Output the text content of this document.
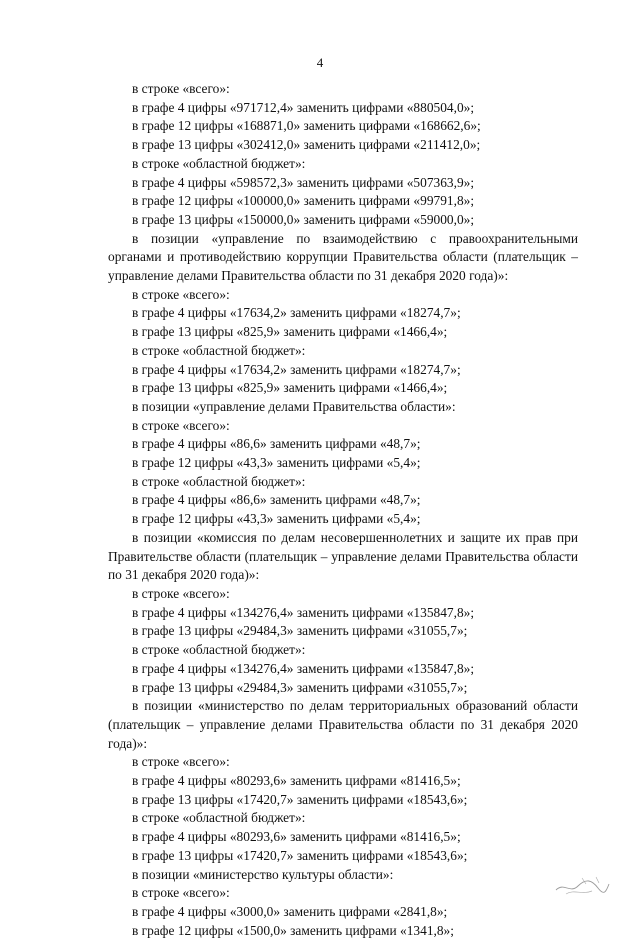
4
в строке «всего»:
в графе 4 цифры «971712,4» заменить цифрами «880504,0»;
в графе 12 цифры «168871,0» заменить цифрами «168662,6»;
в графе 13 цифры «302412,0» заменить цифрами «211412,0»;
в строке «областной бюджет»:
в графе 4 цифры «598572,3» заменить цифрами «507363,9»;
в графе 12 цифры «100000,0» заменить цифрами «99791,8»;
в графе 13 цифры «150000,0» заменить цифрами «59000,0»;
в позиции «управление по взаимодействию с правоохранительными органами и противодействию коррупции Правительства области (плательщик – управление делами Правительства области по 31 декабря 2020 года)»:
в строке «всего»:
в графе 4 цифры «17634,2» заменить цифрами «18274,7»;
в графе 13 цифры «825,9» заменить цифрами «1466,4»;
в строке «областной бюджет»:
в графе 4 цифры «17634,2» заменить цифрами «18274,7»;
в графе 13 цифры «825,9» заменить цифрами «1466,4»;
в позиции «управление делами Правительства области»:
в строке «всего»:
в графе 4 цифры «86,6» заменить цифрами «48,7»;
в графе 12 цифры «43,3» заменить цифрами «5,4»;
в строке «областной бюджет»:
в графе 4 цифры «86,6» заменить цифрами «48,7»;
в графе 12 цифры «43,3» заменить цифрами «5,4»;
в позиции «комиссия по делам несовершеннолетних и защите их прав при Правительстве области (плательщик – управление делами Правительства области по 31 декабря 2020 года)»:
в строке «всего»:
в графе 4 цифры «134276,4» заменить цифрами «135847,8»;
в графе 13 цифры «29484,3» заменить цифрами «31055,7»;
в строке «областной бюджет»:
в графе 4 цифры «134276,4» заменить цифрами «135847,8»;
в графе 13 цифры «29484,3» заменить цифрами «31055,7»;
в позиции «министерство по делам территориальных образований области (плательщик – управление делами Правительства области по 31 декабря 2020 года)»:
в строке «всего»:
в графе 4 цифры «80293,6» заменить цифрами «81416,5»;
в графе 13 цифры «17420,7» заменить цифрами «18543,6»;
в строке «областной бюджет»:
в графе 4 цифры «80293,6» заменить цифрами «81416,5»;
в графе 13 цифры «17420,7» заменить цифрами «18543,6»;
в позиции «министерство культуры области»:
в строке «всего»:
в графе 4 цифры «3000,0» заменить цифрами «2841,8»;
в графе 12 цифры «1500,0» заменить цифрами «1341,8»;
